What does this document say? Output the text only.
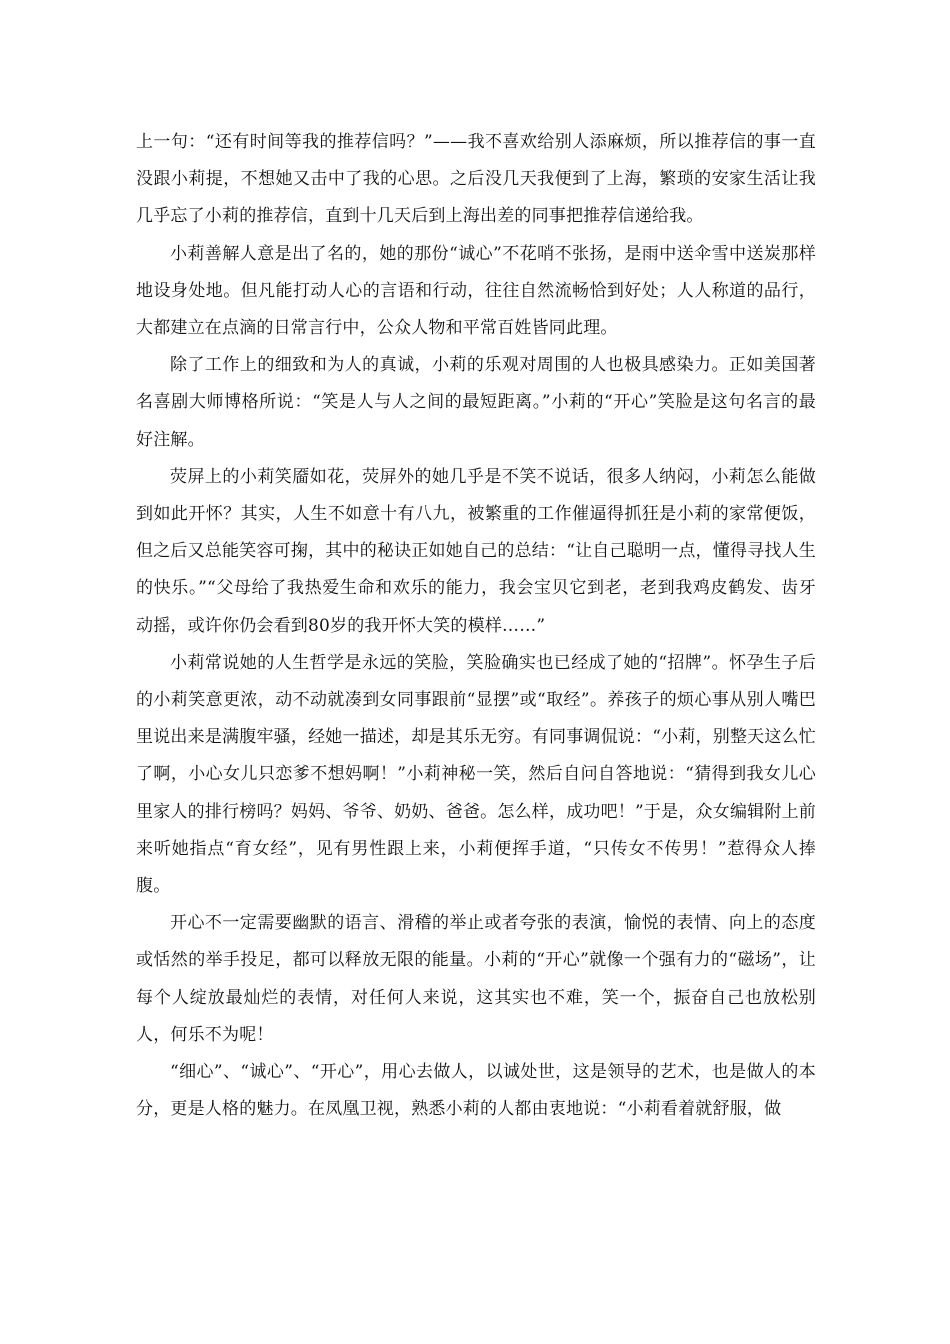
上一句：“还有时间等我的推荐信吗？”——我不喜欢给别人添麻烦，所以推荐信的事一直没跟小莉提，不想她又击中了我的心思。之后没几天我便到了上海，繁琐的安家生活让我几乎忘了小莉的推荐信，直到十几天后到上海出差的同事把推荐信递给我。

小莉善解人意是出了名的，她的那份“诚心”不花哨不张扬，是雨中送伞雪中送炭那样地设身处地。但凡能打动人心的言语和行动，往往自然流畅恰到好处；人人称道的品行，大都建立在点滴的日常言行中，公众人物和平常百姓皆同此理。

除了工作上的细致和为人的真诚，小莉的乐观对周围的人也极具感染力。正如美国著名喜剧大师博格所说：“笑是人与人之间的最短距离。”小莉的“开心”笑脸是这句名言的最好注解。

荧屏上的小莉笑靥如花，荧屏外的她几乎是不笑不说话，很多人纳闷，小莉怎么能做到如此开怀？其实，人生不如意十有八九，被繁重的工作催逼得抓狂是小莉的家常便饭，但之后又总能笑容可掬，其中的秘诀正如她自己的总结：“让自己聪明一点，懂得寻找人生的快乐。”“父母给了我热爱生命和欢乐的能力，我会宝贝它到老，老到我鸡皮鹤发、齿牙动摇，或许你仍会看到80岁的我开怀大笑的模样……”

小莉常说她的人生哲学是永远的笑脸，笑脸确实也已经成了她的“招牌”。怀孕生子后的小莉笑意更浓，动不动就凑到女同事跟前“显摆”或“取经”。养孩子的烦心事从别人嘴巴里说出来是满腹牢骚，经她一描述，却是其乐无穷。有同事调侃说：“小莉，别整天这么忙了啊，小心女儿只恋爹不想妈啊！”小莉神秘一笑，然后自问自答地说：“猜得到我女儿心里家人的排行榜吗？妈妈、爷爷、奶奶、爸爸。怎么样，成功吧！”于是，众女编辑附上前来听她指点“育女经”，见有男性跟上来，小莉便挥手道，“只传女不传男！”惹得众人捧腹。

开心不一定需要幽默的语言、滑稽的举止或者夸张的表演，愉悦的表情、向上的态度或恬然的举手投足，都可以释放无限的能量。小莉的“开心”就像一个强有力的“磁场”，让每个人绽放最灿烂的表情，对任何人来说，这其实也不难，笑一个，振奋自己也放松别人，何乐不为呢！

“细心”、“诚心”、“开心”，用心去做人，以诚处世，这是领导的艺术，也是做人的本分，更是人格的魅力。在凤凰卫视，熟悉小莉的人都由衷地说：“小莉看着就舒服，做
